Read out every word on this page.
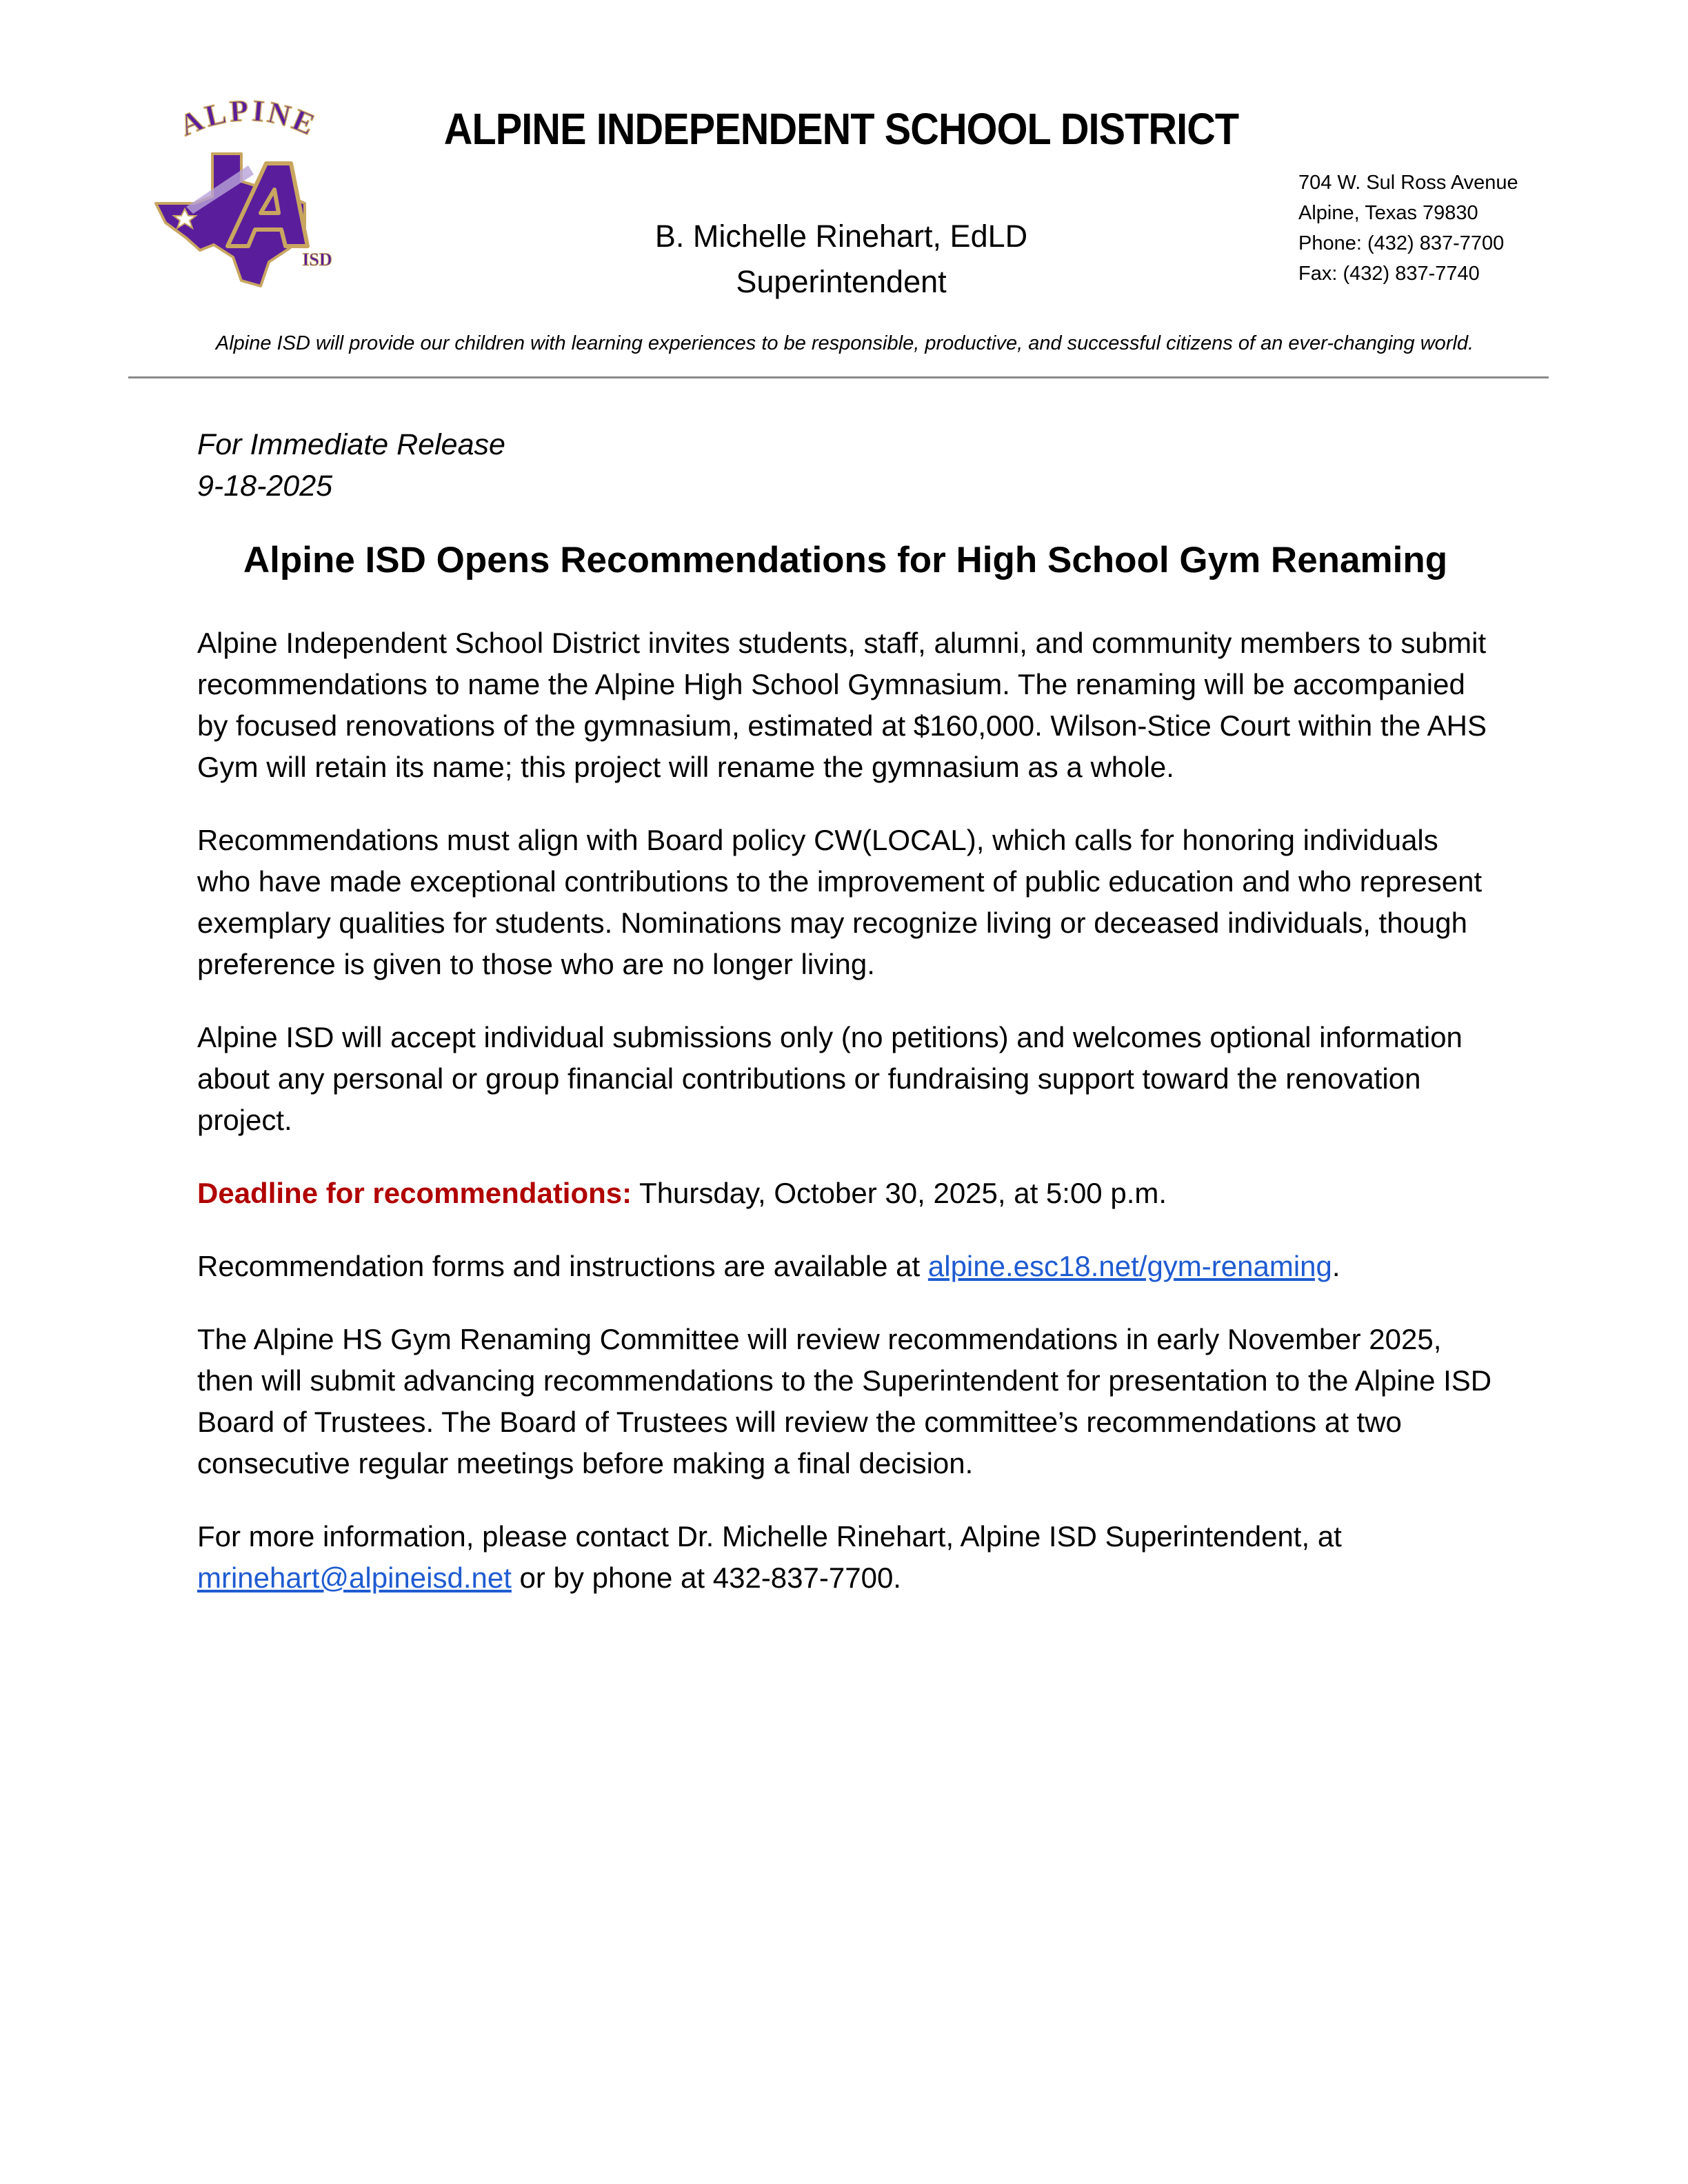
ALPINE
ISD
ALPINE INDEPENDENT SCHOOL DISTRICT
B. Michelle Rinehart, EdLD
Superintendent
704 W. Sul Ross Avenue
Alpine, Texas 79830
Phone: (432) 837-7700
Fax: (432) 837-7740
Alpine ISD will provide our children with learning experiences to be responsible, productive, and successful citizens of an ever-changing world.
For Immediate Release
9-18-2025
Alpine ISD Opens Recommendations for High School Gym Renaming

Alpine Independent School District invites students, staff, alumni, and community members to submit recommendations to name the Alpine High School Gymnasium. The renaming will be accompanied by focused renovations of the gymnasium, estimated at $160,000. Wilson-Stice Court within the AHS Gym will retain its name; this project will rename the gymnasium as a whole.

Recommendations must align with Board policy CW(LOCAL), which calls for honoring individuals who have made exceptional contributions to the improvement of public education and who represent exemplary qualities for students. Nominations may recognize living or deceased individuals, though preference is given to those who are no longer living.

Alpine ISD will accept individual submissions only (no petitions) and welcomes optional information about any personal or group financial contributions or fundraising support toward the renovation project.

Deadline for recommendations: Thursday, October 30, 2025, at 5:00 p.m.

Recommendation forms and instructions are available at alpine.esc18.net/gym-renaming.

The Alpine HS Gym Renaming Committee will review recommendations in early November 2025, then will submit advancing recommendations to the Superintendent for presentation to the Alpine ISD Board of Trustees. The Board of Trustees will review the committee’s recommendations at two consecutive regular meetings before making a final decision.

For more information, please contact Dr. Michelle Rinehart, Alpine ISD Superintendent, at mrinehart@alpineisd.net or by phone at 432-837-7700.
